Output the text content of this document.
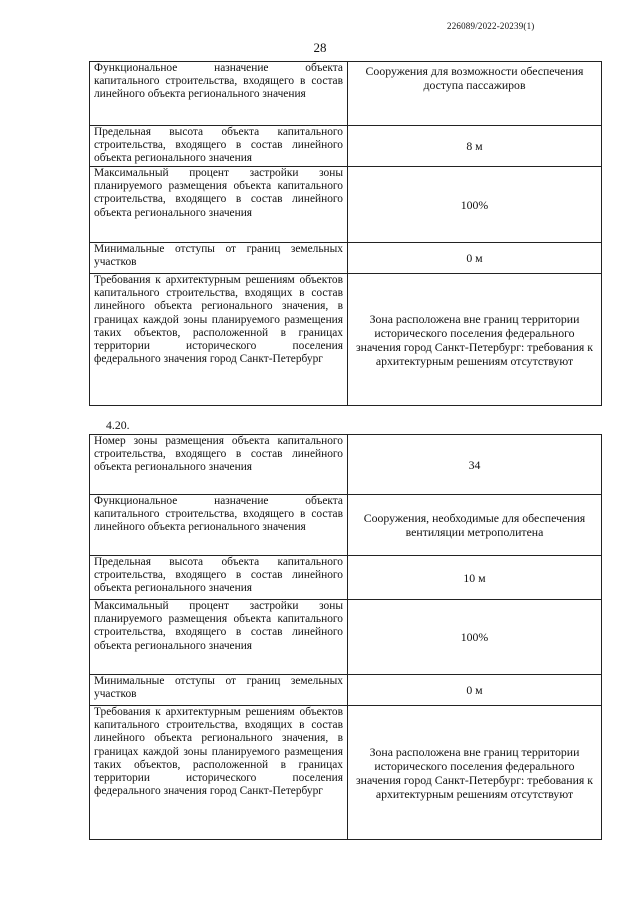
226089/2022-20239(1)
28
Функциональное назначение объекта капитального строительства, входящего в состав линейного объекта регионального значения	Сооружения для возможности обеспечения доступа пассажиров
Предельная высота объекта капитального строительства, входящего в состав линейного объекта регионального значения	8 м
Максимальный процент застройки зоны планируемого размещения объекта капитального строительства, входящего в состав линейного объекта регионального значения	100%
Минимальные отступы от границ земельных участков	0 м
Требования к архитектурным решениям объектов капитального строительства, входящих в состав линейного объекта регионального значения, в границах каждой зоны планируемого размещения таких объектов, расположенной в границах территории исторического поселения федерального значения город Санкт-Петербург	Зона расположена вне границ территории исторического поселения федерального значения город Санкт-Петербург: требования к архитектурным решениям отсутствуют
4.20.
Номер зоны размещения объекта капитального строительства, входящего в состав линейного объекта регионального значения	34
Функциональное назначение объекта капитального строительства, входящего в состав линейного объекта регионального значения	Сооружения, необходимые для обеспечения вентиляции метрополитена
Предельная высота объекта капитального строительства, входящего в состав линейного объекта регионального значения	10 м
Максимальный процент застройки зоны планируемого размещения объекта капитального строительства, входящего в состав линейного объекта регионального значения	100%
Минимальные отступы от границ земельных участков	0 м
Требования к архитектурным решениям объектов капитального строительства, входящих в состав линейного объекта регионального значения, в границах каждой зоны планируемого размещения таких объектов, расположенной в границах территории исторического поселения федерального значения город Санкт-Петербург	Зона расположена вне границ территории исторического поселения федерального значения город Санкт-Петербург: требования к архитектурным решениям отсутствуют
